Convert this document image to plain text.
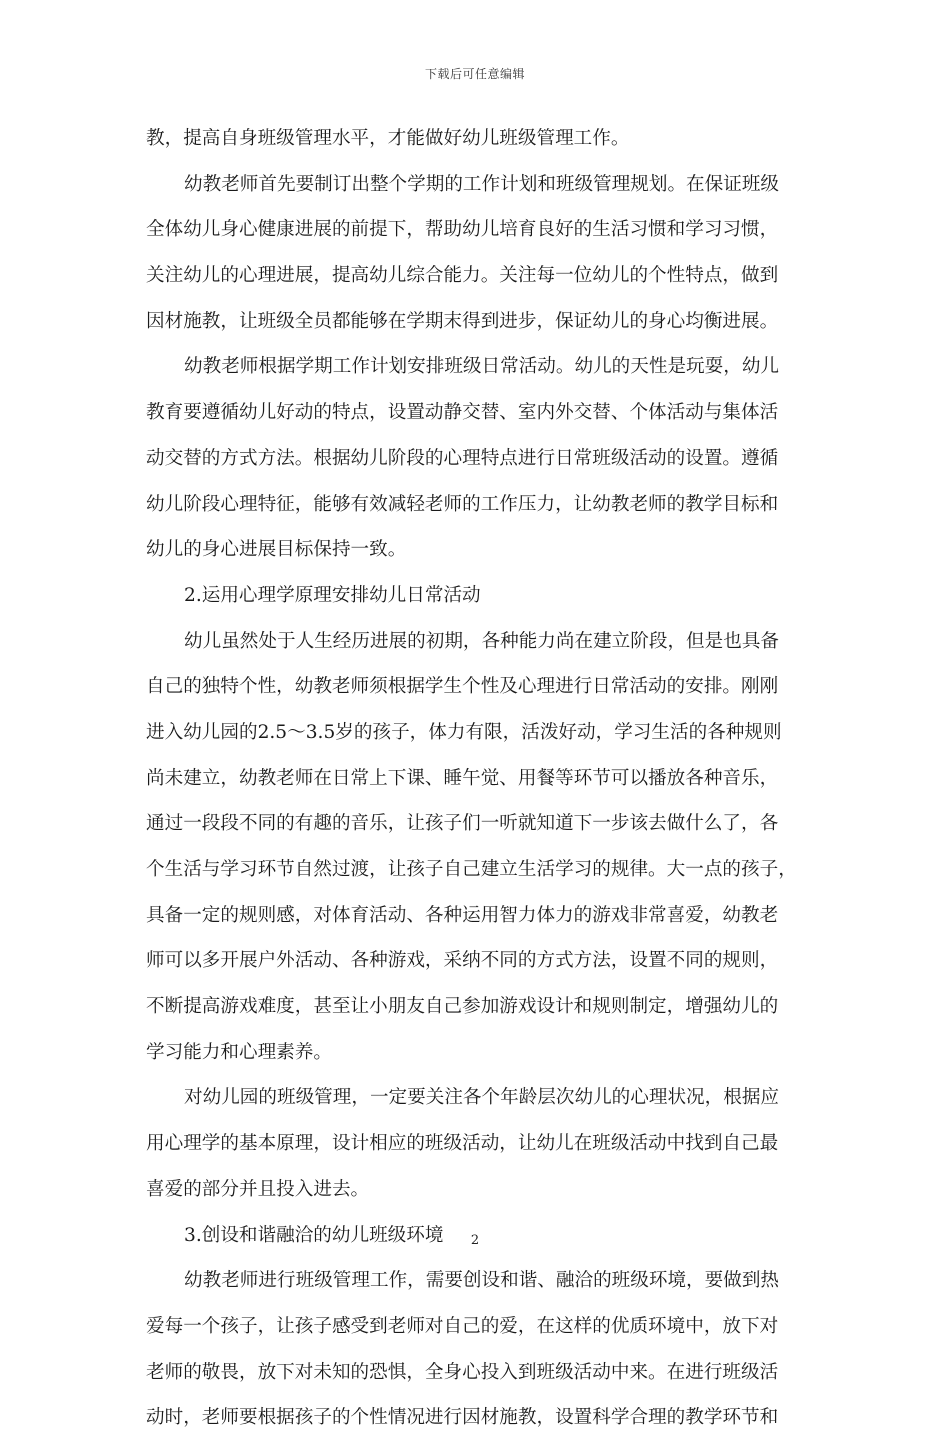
下载后可任意编辑
教，提高自身班级管理水平，才能做好幼儿班级管理工作。
幼教老师首先要制订出整个学期的工作计划和班级管理规划。在保证班级
全体幼儿身心健康进展的前提下，帮助幼儿培育良好的生活习惯和学习习惯，
关注幼儿的心理进展，提高幼儿综合能力。关注每一位幼儿的个性特点，做到
因材施教，让班级全员都能够在学期末得到进步，保证幼儿的身心均衡进展。
幼教老师根据学期工作计划安排班级日常活动。幼儿的天性是玩耍，幼儿
教育要遵循幼儿好动的特点，设置动静交替、室内外交替、个体活动与集体活
动交替的方式方法。根据幼儿阶段的心理特点进行日常班级活动的设置。遵循
幼儿阶段心理特征，能够有效减轻老师的工作压力，让幼教老师的教学目标和
幼儿的身心进展目标保持一致。
2.运用心理学原理安排幼儿日常活动
幼儿虽然处于人生经历进展的初期，各种能力尚在建立阶段，但是也具备
自己的独特个性，幼教老师须根据学生个性及心理进行日常活动的安排。刚刚
进入幼儿园的2.5～3.5岁的孩子，体力有限，活泼好动，学习生活的各种规则
尚未建立，幼教老师在日常上下课、睡午觉、用餐等环节可以播放各种音乐，
通过一段段不同的有趣的音乐，让孩子们一听就知道下一步该去做什么了，各
个生活与学习环节自然过渡，让孩子自己建立生活学习的规律。大一点的孩子，
具备一定的规则感，对体育活动、各种运用智力体力的游戏非常喜爱，幼教老
师可以多开展户外活动、各种游戏，采纳不同的方式方法，设置不同的规则，
不断提高游戏难度，甚至让小朋友自己参加游戏设计和规则制定，增强幼儿的
学习能力和心理素养。
对幼儿园的班级管理，一定要关注各个年龄层次幼儿的心理状况，根据应
用心理学的基本原理，设计相应的班级活动，让幼儿在班级活动中找到自己最
喜爱的部分并且投入进去。
3.创设和谐融洽的幼儿班级环境
幼教老师进行班级管理工作，需要创设和谐、融洽的班级环境，要做到热
爱每一个孩子，让孩子感受到老师对自己的爱，在这样的优质环境中，放下对
老师的敬畏，放下对未知的恐惧，全身心投入到班级活动中来。在进行班级活
动时，老师要根据孩子的个性情况进行因材施教，设置科学合理的教学环节和
2
